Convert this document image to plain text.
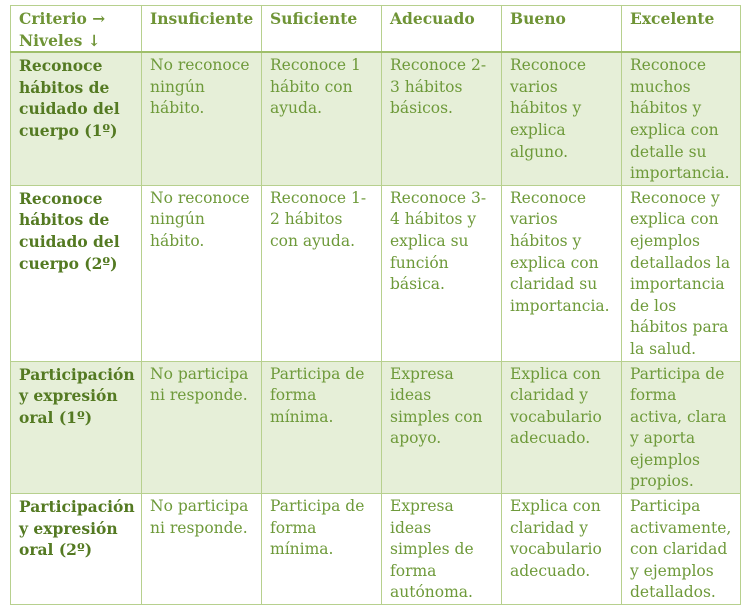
Criterio → Niveles ↓	Insuficiente	Suficiente	Adecuado	Bueno	Excelente
Reconoce hábitos de cuidado del cuerpo (1º)	No reconoce ningún hábito.	Reconoce 1 hábito con ayuda.	Reconoce 2-3 hábitos básicos.	Reconoce varios hábitos y explica alguno.	Reconoce muchos hábitos y explica con detalle su importancia.
Reconoce hábitos de cuidado del cuerpo (2º)	No reconoce ningún hábito.	Reconoce 1-2 hábitos con ayuda.	Reconoce 3-4 hábitos y explica su función básica.	Reconoce varios hábitos y explica con claridad su importancia.	Reconoce y explica con ejemplos detallados la importancia de los hábitos para la salud.
Participación y expresión oral (1º)	No participa ni responde.	Participa de forma mínima.	Expresa ideas simples con apoyo.	Explica con claridad y vocabulario adecuado.	Participa de forma activa, clara y aporta ejemplos propios.
Participación y expresión oral (2º)	No participa ni responde.	Participa de forma mínima.	Expresa ideas simples de forma autónoma.	Explica con claridad y vocabulario adecuado.	Participa activamente, con claridad y ejemplos detallados.
